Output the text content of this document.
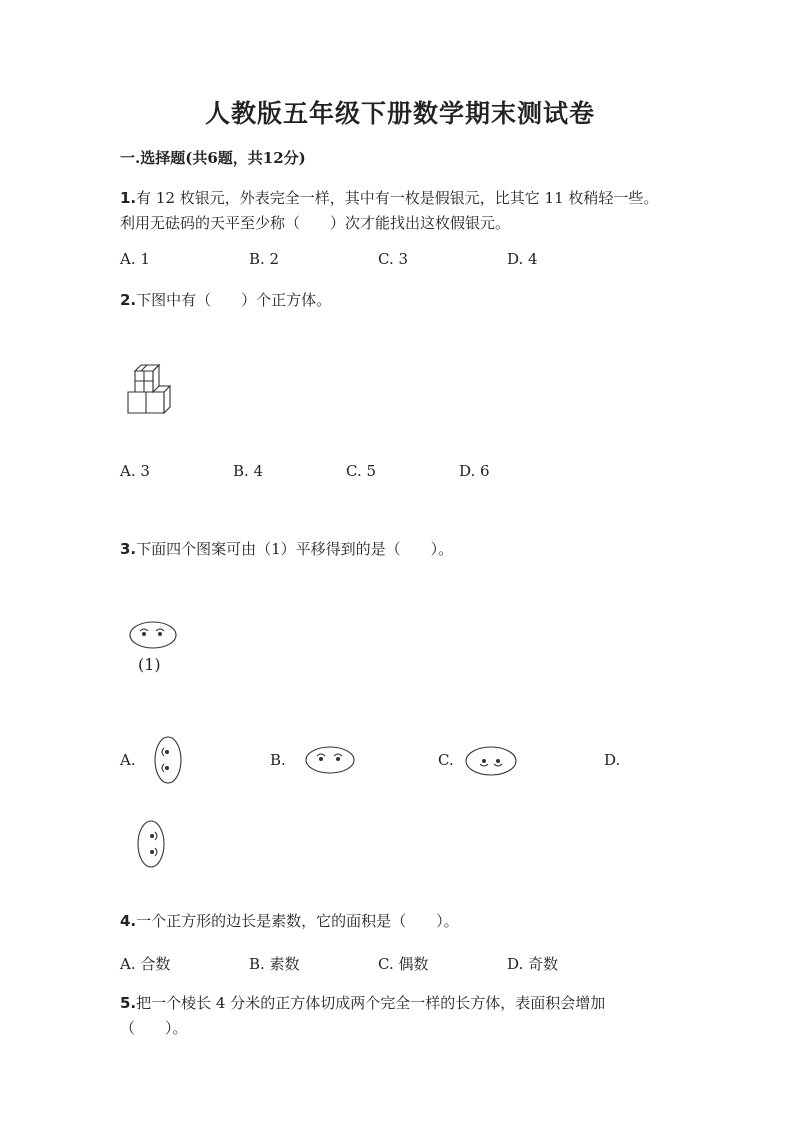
人教版五年级下册数学期末测试卷
一.选择题(共6题，共12分)
1.有 12 枚银元，外表完全一样，其中有一枚是假银元，比其它 11 枚稍轻一些。利用无砝码的天平至少称（　　）次才能找出这枚假银元。
A. 1	B. 2	C. 3	D. 4
2.下图中有（　　）个正方体。
A. 3	B. 4	C. 5	D. 6
3.下面四个图案可由（1）平移得到的是（　　）。
(1)
A.	B.	C.	D.
4.一个正方形的边长是素数，它的面积是（　　）。
A. 合数	B. 素数	C. 偶数	D. 奇数
5.把一个棱长 4 分米的正方体切成两个完全一样的长方体，表面积会增加（　　）。
